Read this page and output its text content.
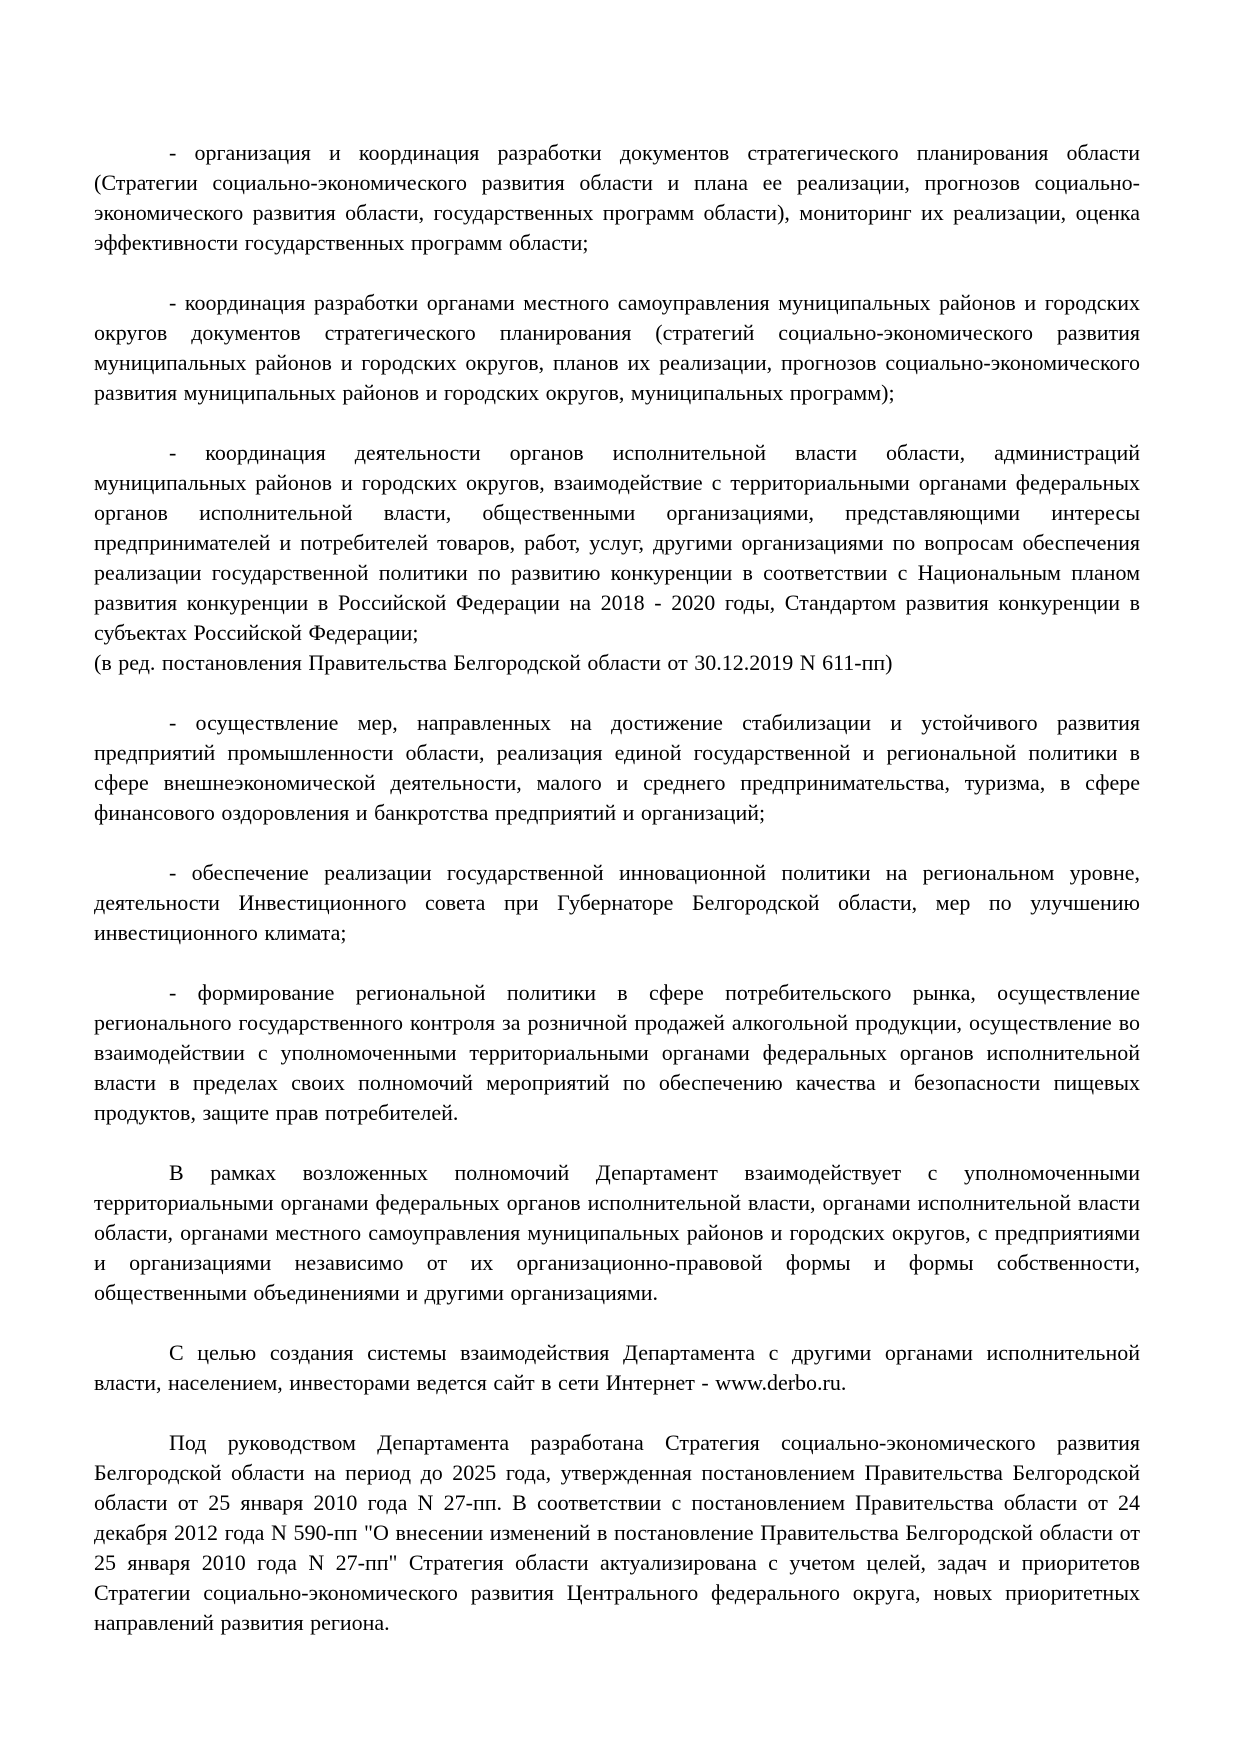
- организация и координация разработки документов стратегического планирования области (Стратегии социально-экономического развития области и плана ее реализации, прогнозов социально-экономического развития области, государственных программ области), мониторинг их реализации, оценка эффективности государственных программ области;

- координация разработки органами местного самоуправления муниципальных районов и городских округов документов стратегического планирования (стратегий социально-экономического развития муниципальных районов и городских округов, планов их реализации, прогнозов социально-экономического развития муниципальных районов и городских округов, муниципальных программ);

- координация деятельности органов исполнительной власти области, администраций муниципальных районов и городских округов, взаимодействие с территориальными органами федеральных органов исполнительной власти, общественными организациями, представляющими интересы предпринимателей и потребителей товаров, работ, услуг, другими организациями по вопросам обеспечения реализации государственной политики по развитию конкуренции в соответствии с Национальным планом развития конкуренции в Российской Федерации на 2018 - 2020 годы, Стандартом развития конкуренции в субъектах Российской Федерации;

(в ред. постановления Правительства Белгородской области от 30.12.2019 N 611-пп)

- осуществление мер, направленных на достижение стабилизации и устойчивого развития предприятий промышленности области, реализация единой государственной и региональной политики в сфере внешнеэкономической деятельности, малого и среднего предпринимательства, туризма, в сфере финансового оздоровления и банкротства предприятий и организаций;

- обеспечение реализации государственной инновационной политики на региональном уровне, деятельности Инвестиционного совета при Губернаторе Белгородской области, мер по улучшению инвестиционного климата;

- формирование региональной политики в сфере потребительского рынка, осуществление регионального государственного контроля за розничной продажей алкогольной продукции, осуществление во взаимодействии с уполномоченными территориальными органами федеральных органов исполнительной власти в пределах своих полномочий мероприятий по обеспечению качества и безопасности пищевых продуктов, защите прав потребителей.

В рамках возложенных полномочий Департамент взаимодействует с уполномоченными территориальными органами федеральных органов исполнительной власти, органами исполнительной власти области, органами местного самоуправления муниципальных районов и городских округов, с предприятиями и организациями независимо от их организационно-правовой формы и формы собственности, общественными объединениями и другими организациями.

С целью создания системы взаимодействия Департамента с другими органами исполнительной власти, населением, инвесторами ведется сайт в сети Интернет - www.derbo.ru.

Под руководством Департамента разработана Стратегия социально-экономического развития Белгородской области на период до 2025 года, утвержденная постановлением Правительства Белгородской области от 25 января 2010 года N 27-пп. В соответствии с постановлением Правительства области от 24 декабря 2012 года N 590-пп "О внесении изменений в постановление Правительства Белгородской области от 25 января 2010 года N 27-пп" Стратегия области актуализирована с учетом целей, задач и приоритетов Стратегии социально-экономического развития Центрального федерального округа, новых приоритетных направлений развития региона.
